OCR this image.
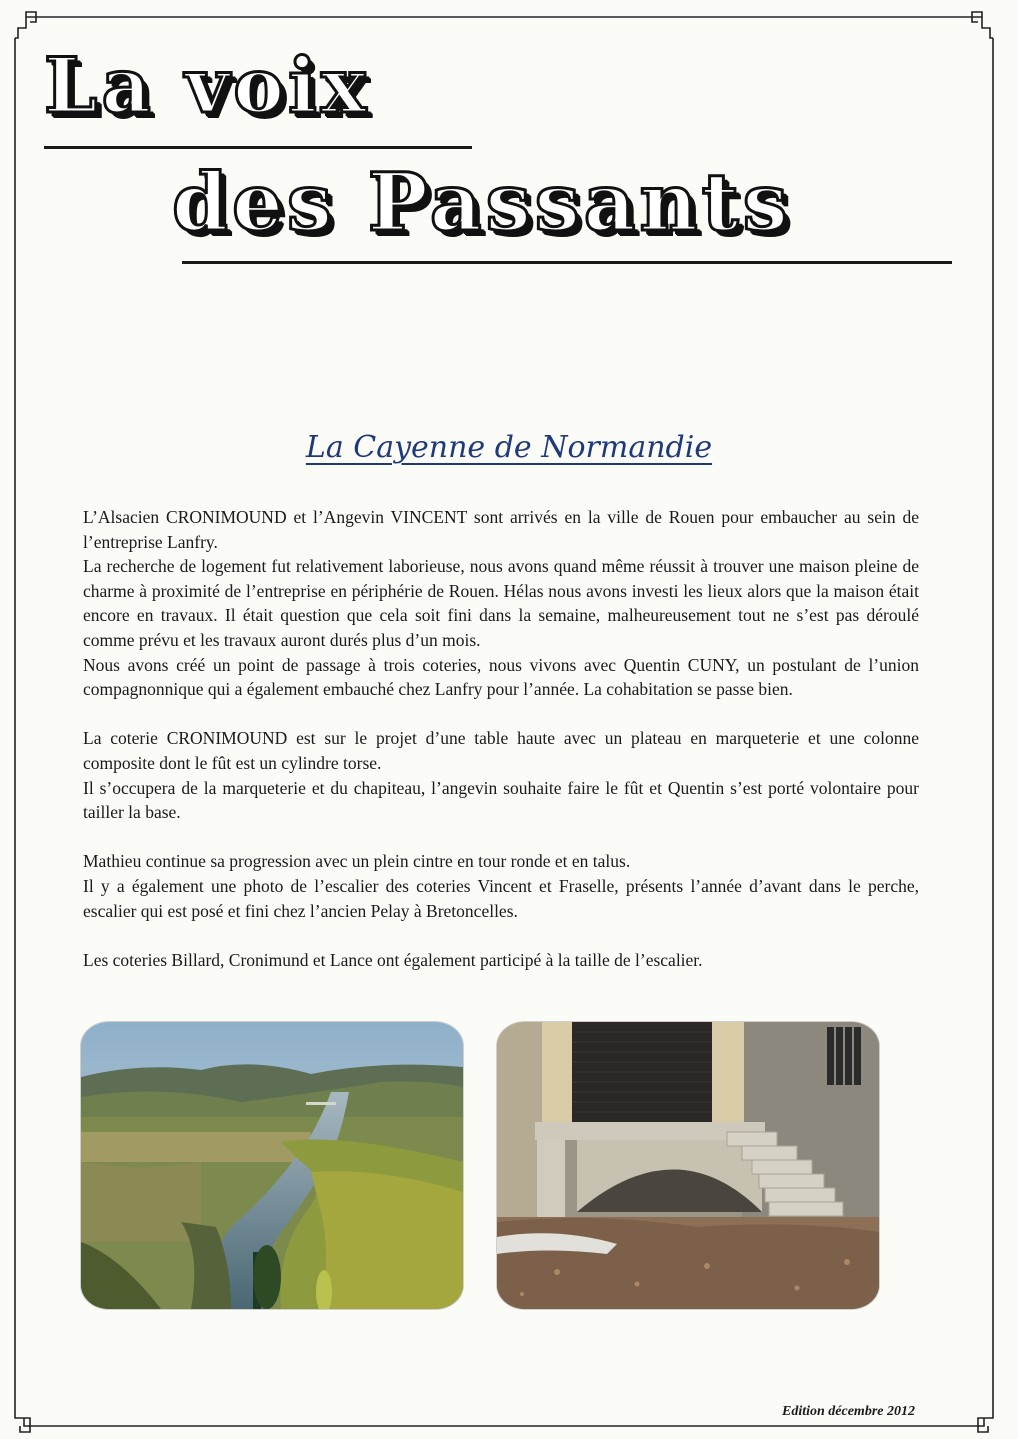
La voix
des Passants
La Cayenne de Normandie

L’Alsacien CRONIMOUND et l’Angevin VINCENT sont arrivés en la ville de Rouen pour embaucher au sein de l’entreprise Lanfry.

La recherche de logement fut relativement laborieuse, nous avons quand même réussit à trouver une maison pleine de charme à proximité de l’entreprise en périphérie de Rouen. Hélas nous avons investi les lieux alors que la maison était encore en travaux. Il était question que cela soit fini dans la semaine, malheureusement tout ne s’est pas déroulé comme prévu et les travaux auront durés plus d’un mois.

Nous avons créé un point de passage à trois coteries, nous vivons avec Quentin CUNY, un postulant de l’union compagnonnique qui a également embauché chez Lanfry pour l’année. La cohabitation se passe bien.

La coterie CRONIMOUND est sur le projet d’une table haute avec un plateau en marqueterie et une colonne composite dont le fût est un cylindre torse.

Il s’occupera de la marqueterie et du chapiteau, l’angevin souhaite faire le fût et Quentin s’est porté volontaire pour tailler la base.

Mathieu continue sa progression avec un plein cintre en tour ronde et en talus.

Il y a également une photo de l’escalier des coteries Vincent et Fraselle, présents l’année d’avant dans le perche, escalier qui est posé et fini chez l’ancien Pelay à Bretoncelles.

Les coteries Billard, Cronimund et Lance ont également participé à la taille de l’escalier.

Edition décembre 2012
